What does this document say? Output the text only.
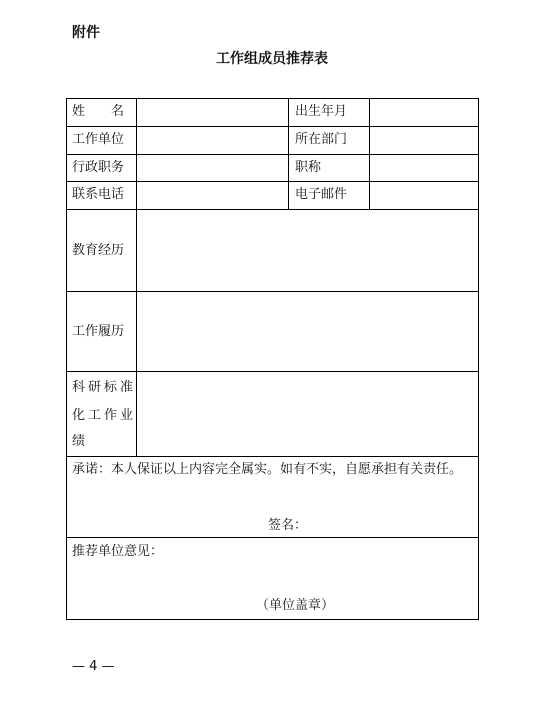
附件
工作组成员推荐表
姓　　名	出生年月
工作单位	所在部门
行政职务	职称
联系电话	电子邮件
教育经历
工作履历
科研标准
化工作业
绩
承诺：本人保证以上内容完全属实。如有不实，自愿承担有关责任。
签名：
推荐单位意见：
（单位盖章）
— 4 —
